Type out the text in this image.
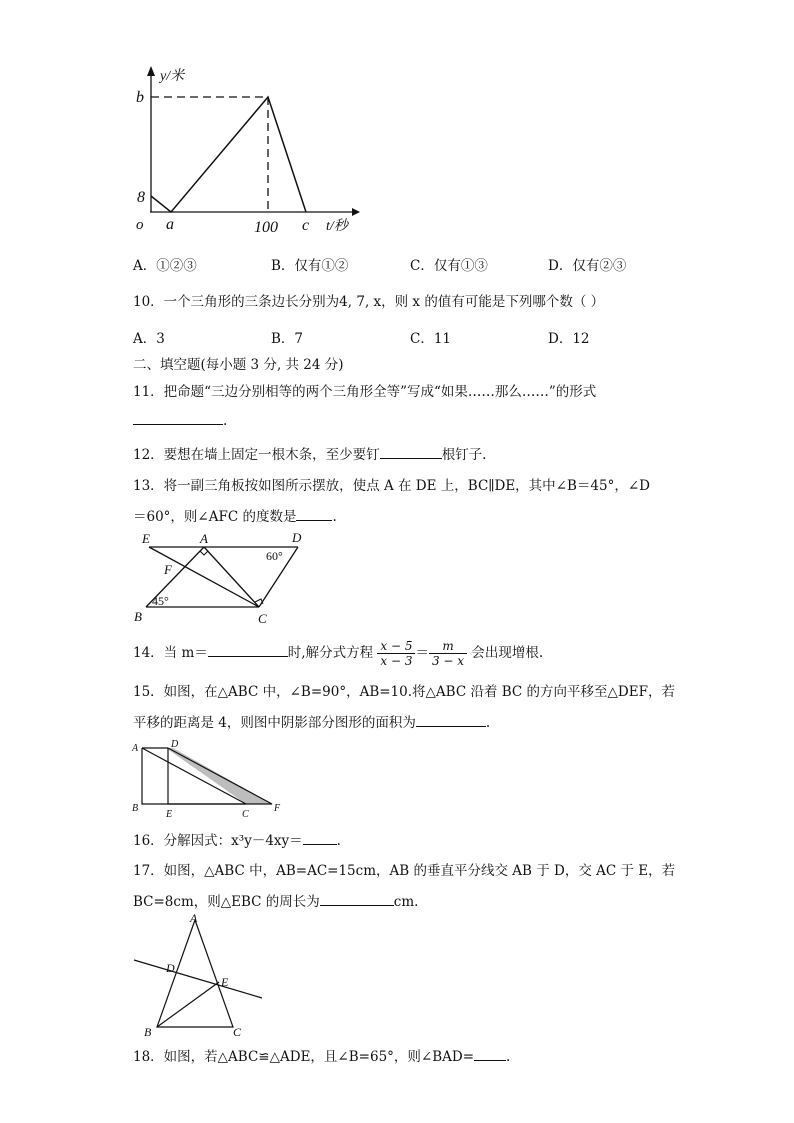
y/米
b
8
o a	100 c t/秒
A．①②③	B．仅有①②	C．仅有①③	D．仅有②③
10．一个三角形的三条边长分别为4, 7, x，则 x 的值有可能是下列哪个数（ ）
A．3	B．7	C．11	D．12
二、填空题(每小题 3 分, 共 24 分)
11．把命题“三边分别相等的两个三角形全等”写成“如果……那么……”的形式
.
12．要想在墙上固定一根木条，至少要钉	根钉子.
13．将一副三角板按如图所示摆放，使点 A 在 DE 上，BC∥DE，其中∠B＝45°，∠D
＝60°，则∠AFC 的度数是	.
E	A	D
60°
F
45°
B	C
14．当 m＝	时,解分式方程 $\frac{x - 5}{x - 3} = \frac{m}{3 - x}$ 会出现增根.
15．如图，在△ABC 中，∠B=90°，AB=10.将△ABC 沿着 BC 的方向平移至△DEF，若
平移的距离是 4，则图中阴影部分图形的面积为	.
A	D
B
E	C
F
16．分解因式：x³y－4xy＝	.
17．如图，△ABC 中，AB=AC=15cm，AB 的垂直平分线交 AB 于 D，交 AC 于 E，若
BC=8cm，则△EBC 的周长为	cm.
A
D
E
B	C
18．如图，若△ABC≌△ADE，且∠B=65°，则∠BAD= .
